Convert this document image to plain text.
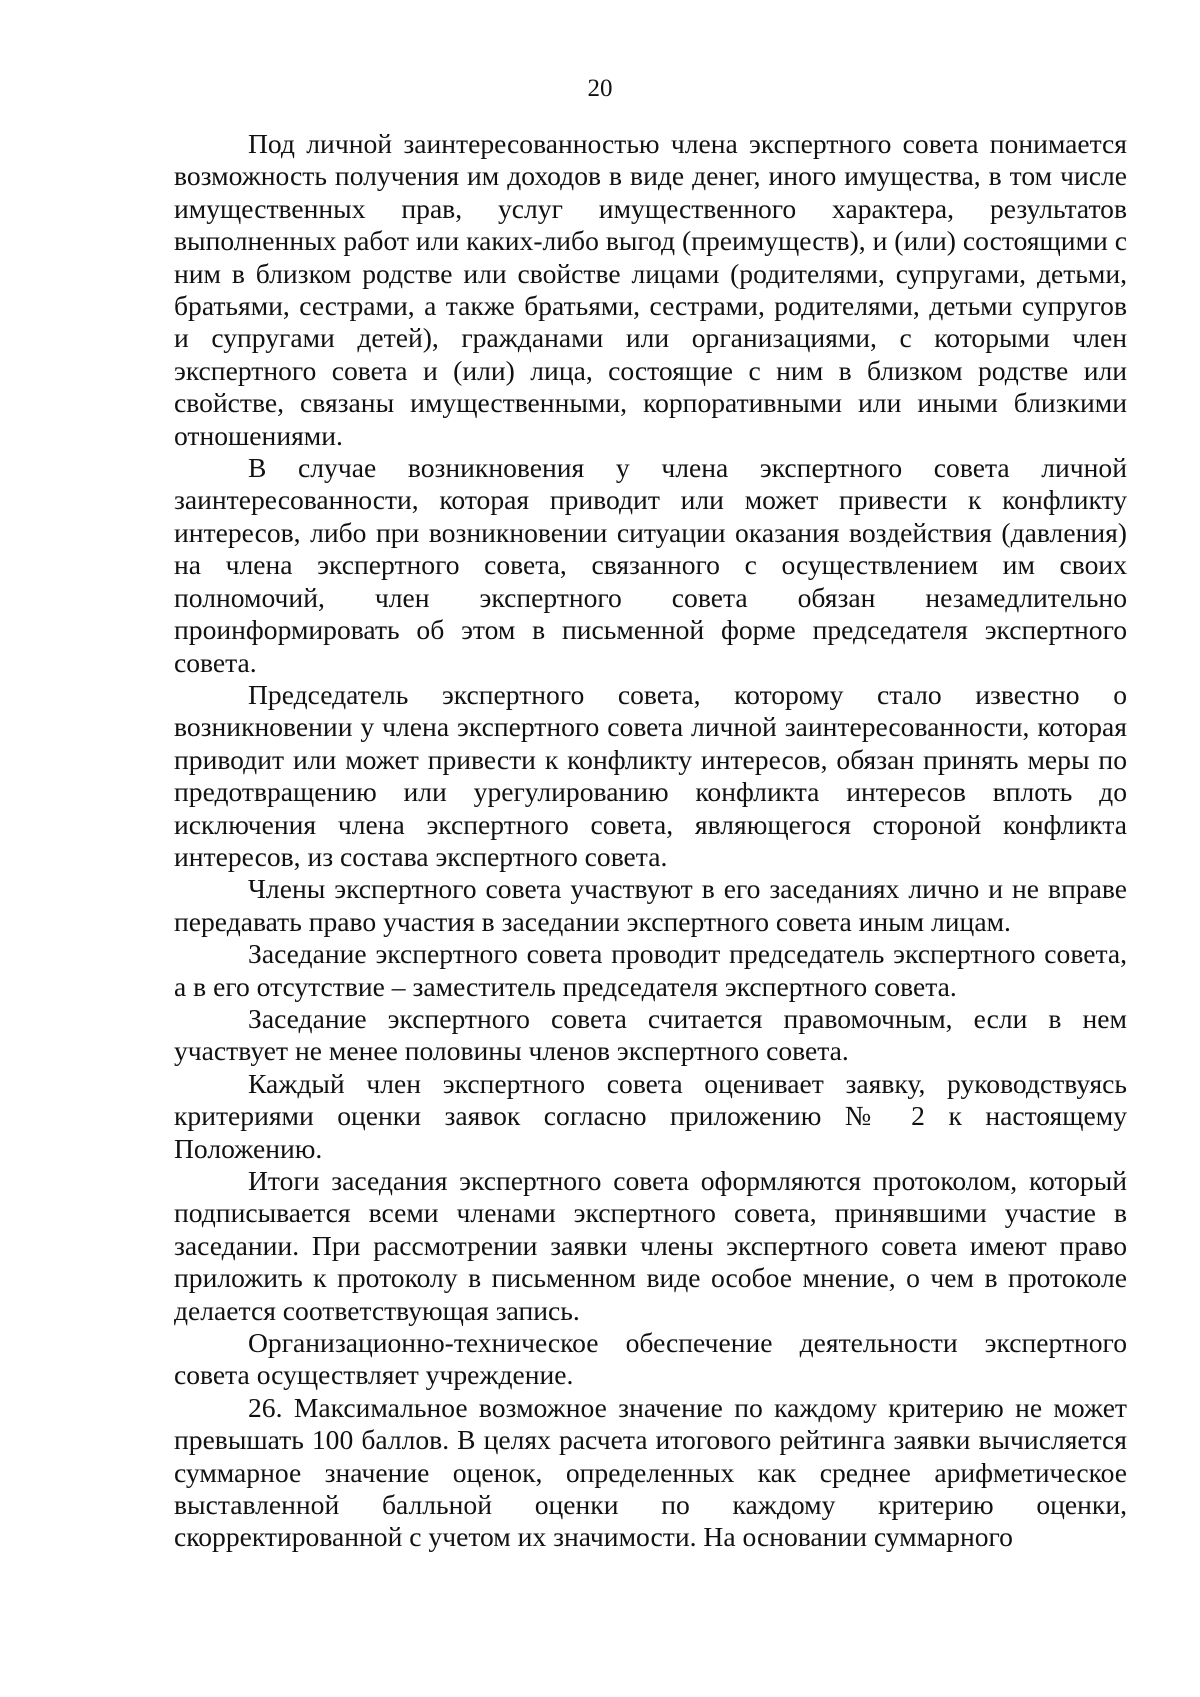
20

Под личной заинтересованностью члена экспертного совета понимается возможность получения им доходов в виде денег, иного имущества, в том числе имущественных прав, услуг имущественного характера, результатов выполненных работ или каких-либо выгод (преимуществ), и (или) состоящими с ним в близком родстве или свойстве лицами (родителями, супругами, детьми, братьями, сестрами, а также братьями, сестрами, родителями, детьми супругов и супругами детей), гражданами или организациями, с которыми член экспертного совета и (или) лица, состоящие с ним в близком родстве или свойстве, связаны имущественными, корпоративными или иными близкими отношениями.

В случае возникновения у члена экспертного совета личной заинтересованности, которая приводит или может привести к конфликту интересов, либо при возникновении ситуации оказания воздействия (давления) на члена экспертного совета, связанного с осуществлением им своих полномочий, член экспертного совета обязан незамедлительно проинформировать об этом в письменной форме председателя экспертного совета.

Председатель экспертного совета, которому стало известно о возникновении у члена экспертного совета личной заинтересованности, которая приводит или может привести к конфликту интересов, обязан принять меры по предотвращению или урегулированию конфликта интересов вплоть до исключения члена экспертного совета, являющегося стороной конфликта интересов, из состава экспертного совета.

Члены экспертного совета участвуют в его заседаниях лично и не вправе передавать право участия в заседании экспертного совета иным лицам.

Заседание экспертного совета проводит председатель экспертного совета, а в его отсутствие – заместитель председателя экспертного совета.

Заседание экспертного совета считается правомочным, если в нем участвует не менее половины членов экспертного совета.

Каждый член экспертного совета оценивает заявку, руководствуясь критериями оценки заявок согласно приложению № 2 к настоящему Положению.

Итоги заседания экспертного совета оформляются протоколом, который подписывается всеми членами экспертного совета, принявшими участие в заседании. При рассмотрении заявки члены экспертного совета имеют право приложить к протоколу в письменном виде особое мнение, о чем в протоколе делается соответствующая запись.

Организационно-техническое обеспечение деятельности экспертного совета осуществляет учреждение.

26. Максимальное возможное значение по каждому критерию не может превышать 100 баллов. В целях расчета итогового рейтинга заявки вычисляется суммарное значение оценок, определенных как среднее арифметическое выставленной балльной оценки по каждому критерию оценки, скорректированной с учетом их значимости. На основании суммарного
